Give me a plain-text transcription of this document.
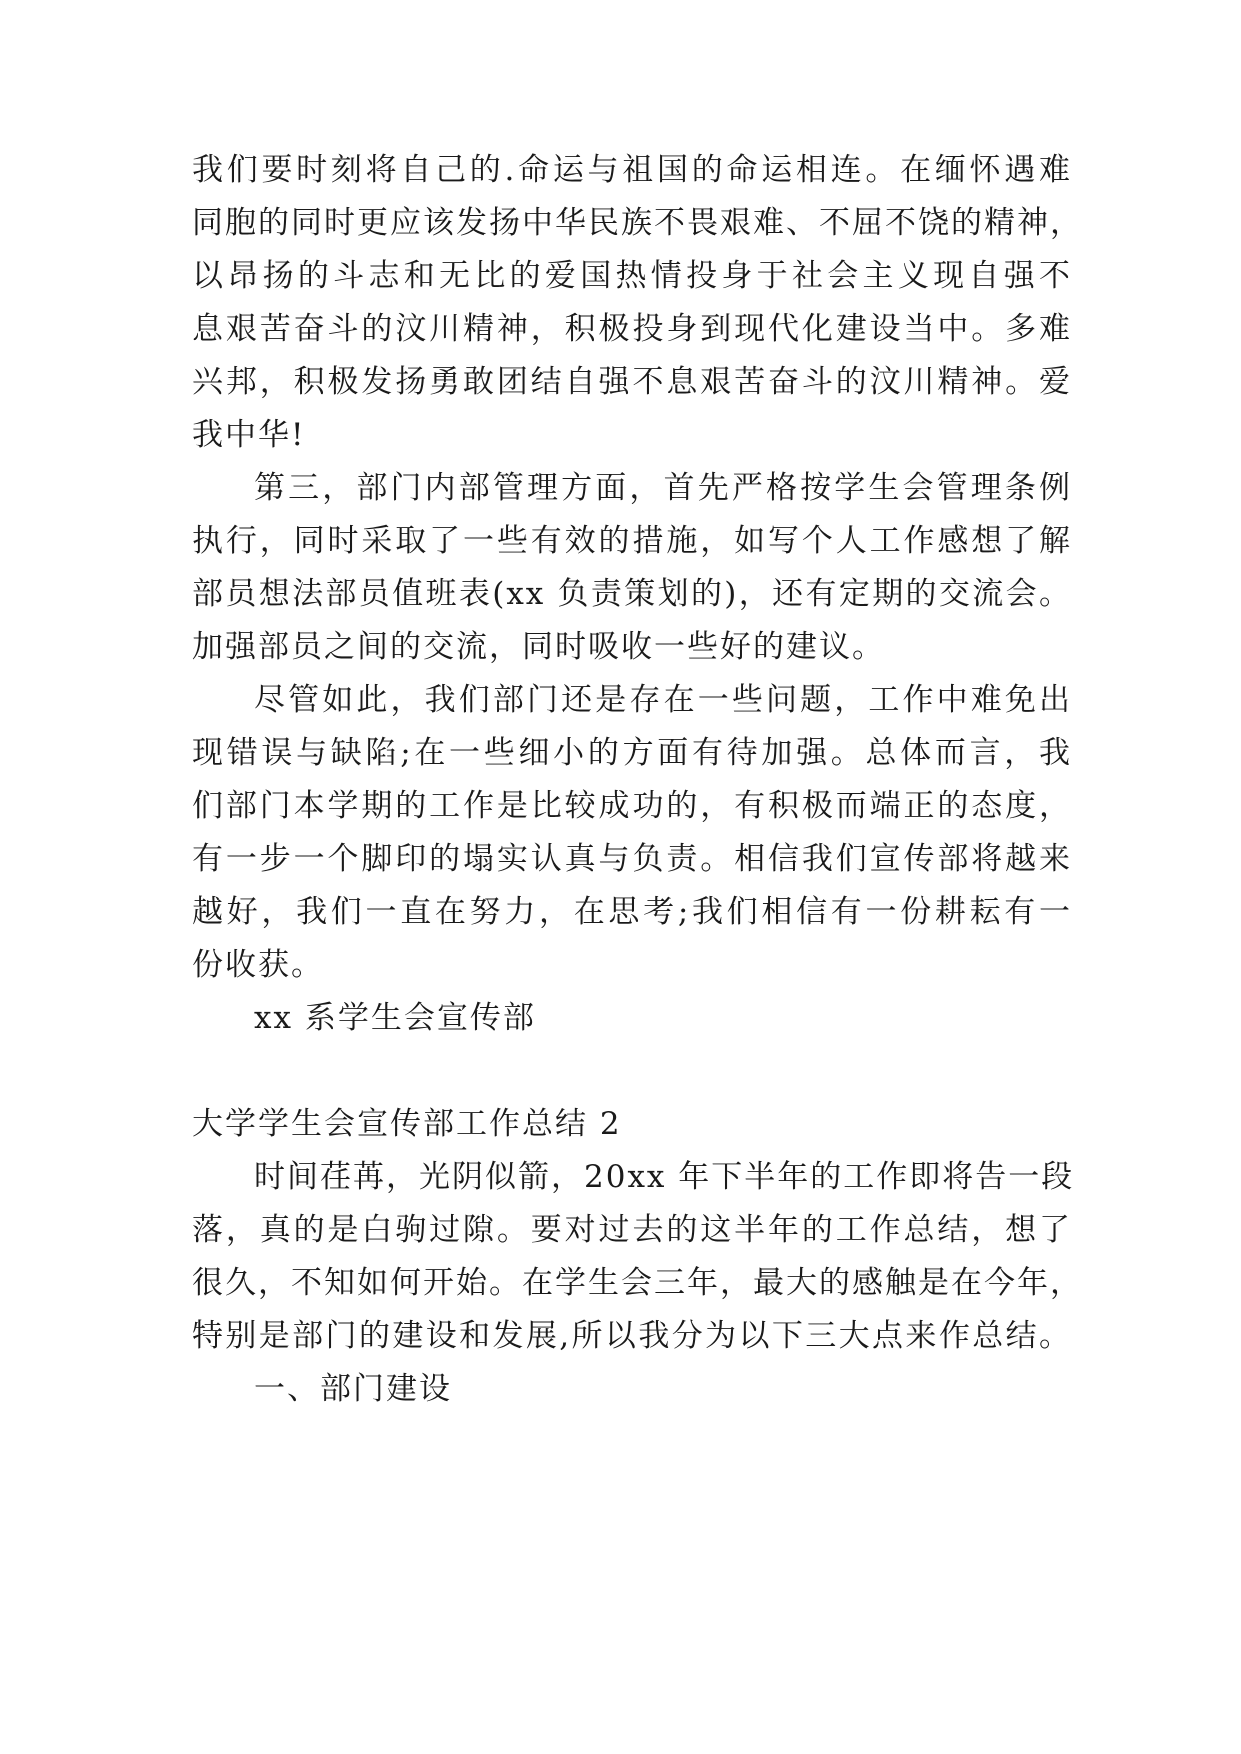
我们要时刻将自己的.命运与祖国的命运相连。在缅怀遇难
同胞的同时更应该发扬中华民族不畏艰难、不屈不饶的精神，
以昂扬的斗志和无比的爱国热情投身于社会主义现自强不
息艰苦奋斗的汶川精神，积极投身到现代化建设当中。多难
兴邦，积极发扬勇敢团结自强不息艰苦奋斗的汶川精神。爱
我中华!
第三，部门内部管理方面，首先严格按学生会管理条例
执行，同时采取了一些有效的措施，如写个人工作感想了解
部员想法部员值班表(xx 负责策划的)，还有定期的交流会。
加强部员之间的交流，同时吸收一些好的建议。
尽管如此，我们部门还是存在一些问题，工作中难免出
现错误与缺陷;在一些细小的方面有待加强。总体而言，我
们部门本学期的工作是比较成功的，有积极而端正的态度，
有一步一个脚印的塌实认真与负责。相信我们宣传部将越来
越好，我们一直在努力，在思考;我们相信有一份耕耘有一
份收获。
xx 系学生会宣传部
大学学生会宣传部工作总结 2
时间荏苒，光阴似箭，20xx 年下半年的工作即将告一段
落，真的是白驹过隙。要对过去的这半年的工作总结，想了
很久，不知如何开始。在学生会三年，最大的感触是在今年，
特别是部门的建设和发展,所以我分为以下三大点来作总结。
一、部门建设
